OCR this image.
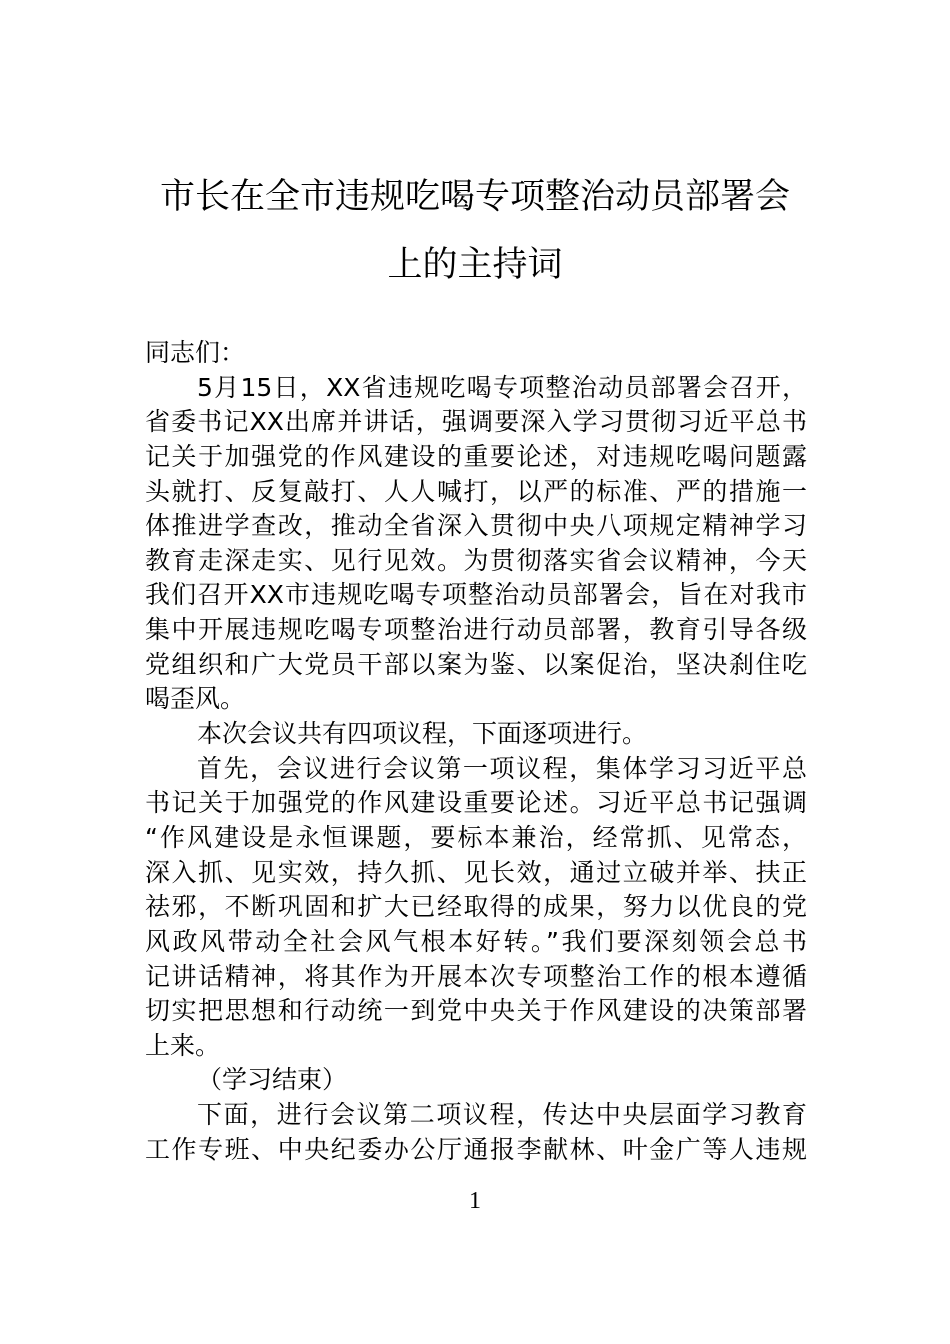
市长在全市违规吃喝专项整治动员部署会
上的主持词
同志们：
5月15日，XX省违规吃喝专项整治动员部署会召开，
省委书记XX出席并讲话，强调要深入学习贯彻习近平总书
记关于加强党的作风建设的重要论述，对违规吃喝问题露
头就打、反复敲打、人人喊打，以严的标准、严的措施一
体推进学查改，推动全省深入贯彻中央八项规定精神学习
教育走深走实、见行见效。为贯彻落实省会议精神，今天
我们召开XX市违规吃喝专项整治动员部署会，旨在对我市
集中开展违规吃喝专项整治进行动员部署，教育引导各级
党组织和广大党员干部以案为鉴、以案促治，坚决刹住吃
喝歪风。
本次会议共有四项议程，下面逐项进行。
首先，会议进行会议第一项议程，集体学习习近平总
书记关于加强党的作风建设重要论述。习近平总书记强调
“作风建设是永恒课题，要标本兼治，经常抓、见常态，
深入抓、见实效，持久抓、见长效，通过立破并举、扶正
祛邪，不断巩固和扩大已经取得的成果，努力以优良的党
风政风带动全社会风气根本好转。”我们要深刻领会总书
记讲话精神，将其作为开展本次专项整治工作的根本遵循
切实把思想和行动统一到党中央关于作风建设的决策部署
上来。
（学习结束）
下面，进行会议第二项议程，传达中央层面学习教育
工作专班、中央纪委办公厅通报李献林、叶金广等人违规
1
